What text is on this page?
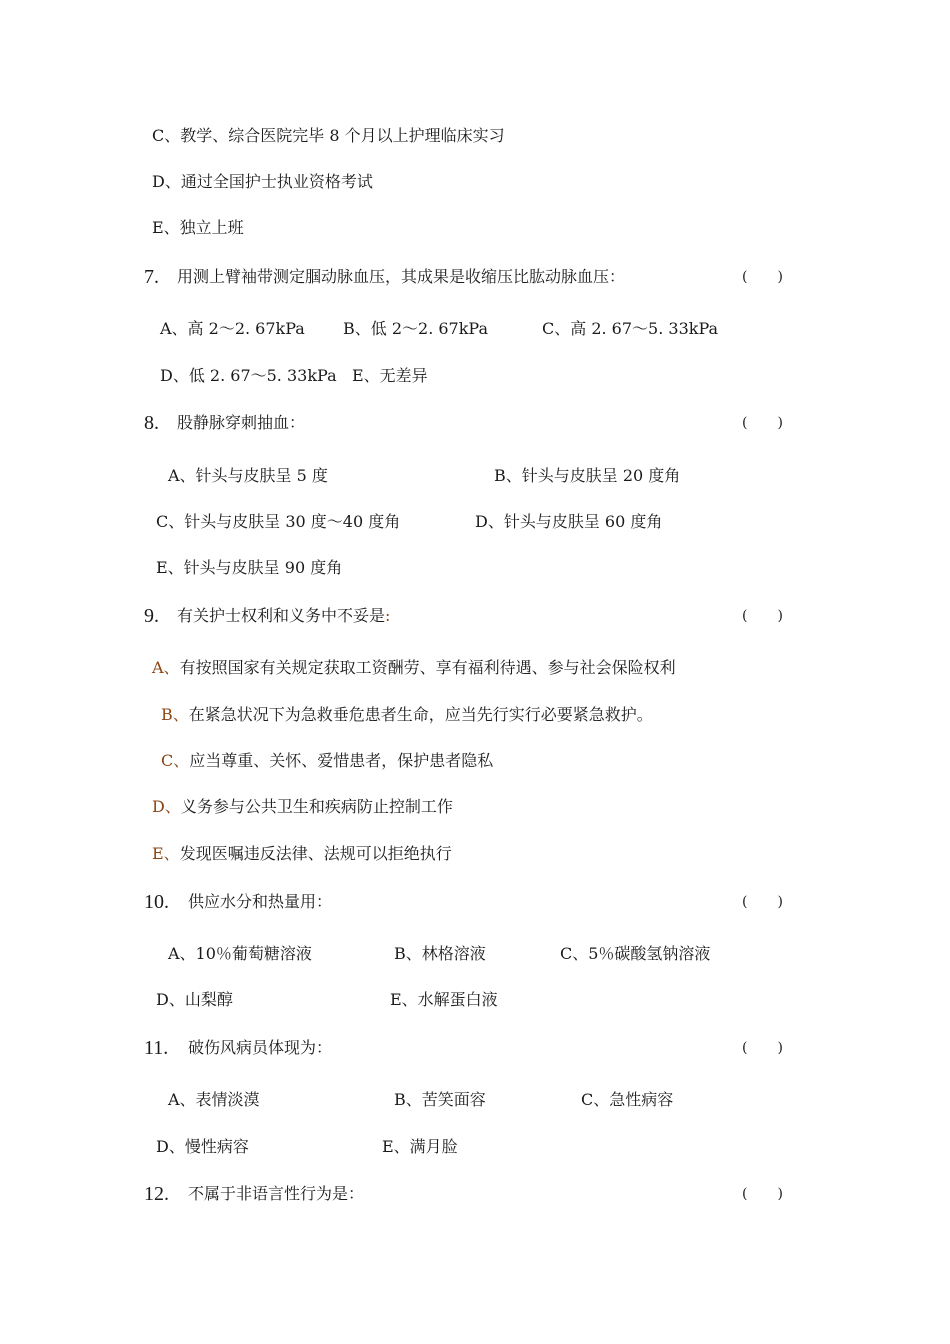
C、教学、综合医院完毕 8 个月以上护理临床实习
D、通过全国护士执业资格考试
E、独立上班
7. 用测上臂袖带测定腘动脉血压，其成果是收缩压比肱动脉血压：	( )
A、高 2～2. 67kPa B、低 2～2. 67kPa	C、高 2. 67～5. 33kPa
D、低 2. 67～5. 33kPa E、无差异
8. 股静脉穿刺抽血：	( )
A、针头与皮肤呈 5 度	B、针头与皮肤呈 20 度角
C、针头与皮肤呈 30 度～40 度角	D、针头与皮肤呈 60 度角
E、针头与皮肤呈 90 度角
9. 有关护士权利和义务中不妥是:	( )
A、有按照国家有关规定获取工资酬劳、享有福利待遇、参与社会保险权利
B、在紧急状况下为急救垂危患者生命，应当先行实行必要紧急救护。
C、应当尊重、关怀、爱惜患者，保护患者隐私
D、义务参与公共卫生和疾病防止控制工作
E、发现医嘱违反法律、法规可以拒绝执行
10. 供应水分和热量用：	( )
A、10％葡萄糖溶液	B、林格溶液	C、5％碳酸氢钠溶液
D、山梨醇	E、水解蛋白液
11. 破伤风病员体现为：	( )
A、表情淡漠	B、苦笑面容	C、急性病容
D、慢性病容	E、满月脸
12. 不属于非语言性行为是：	( )
